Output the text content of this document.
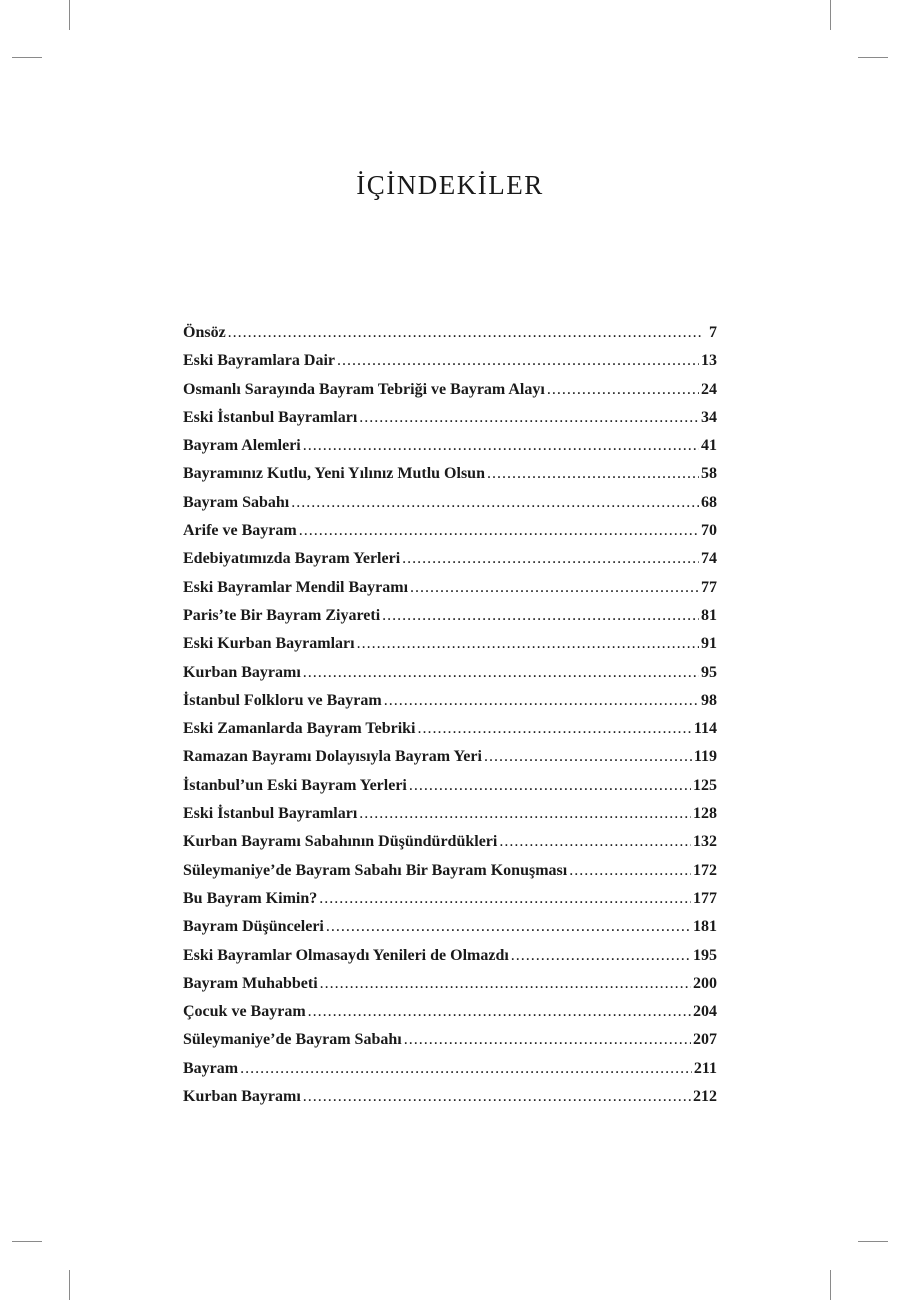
İÇİNDEKİLER
Önsöz .....	7
Eski Bayramlara Dair .....	13
Osmanlı Sarayında Bayram Tebriği ve Bayram Alayı .....	24
Eski İstanbul Bayramları .....	34
Bayram Alemleri .....	41
Bayramınız Kutlu, Yeni Yılınız Mutlu Olsun .....	58
Bayram Sabahı .....	68
Arife ve Bayram .....	70
Edebiyatımızda Bayram Yerleri .....	74
Eski Bayramlar Mendil Bayramı .....	77
Paris’te Bir Bayram Ziyareti .....	81
Eski Kurban Bayramları .....	91
Kurban Bayramı .....	95
İstanbul Folkloru ve Bayram .....	98
Eski Zamanlarda Bayram Tebriki .....	114
Ramazan Bayramı Dolayısıyla Bayram Yeri .....	119
İstanbul’un Eski Bayram Yerleri .....	125
Eski İstanbul Bayramları .....	128
Kurban Bayramı Sabahının Düşündürdükleri .....	132
Süleymaniye’de Bayram Sabahı Bir Bayram Konuşması .....	172
Bu Bayram Kimin? .....	177
Bayram Düşünceleri .....	181
Eski Bayramlar Olmasaydı Yenileri de Olmazdı .....	195
Bayram Muhabbeti .....	200
Çocuk ve Bayram .....	204
Süleymaniye’de Bayram Sabahı .....	207
Bayram .....	211
Kurban Bayramı .....	212
